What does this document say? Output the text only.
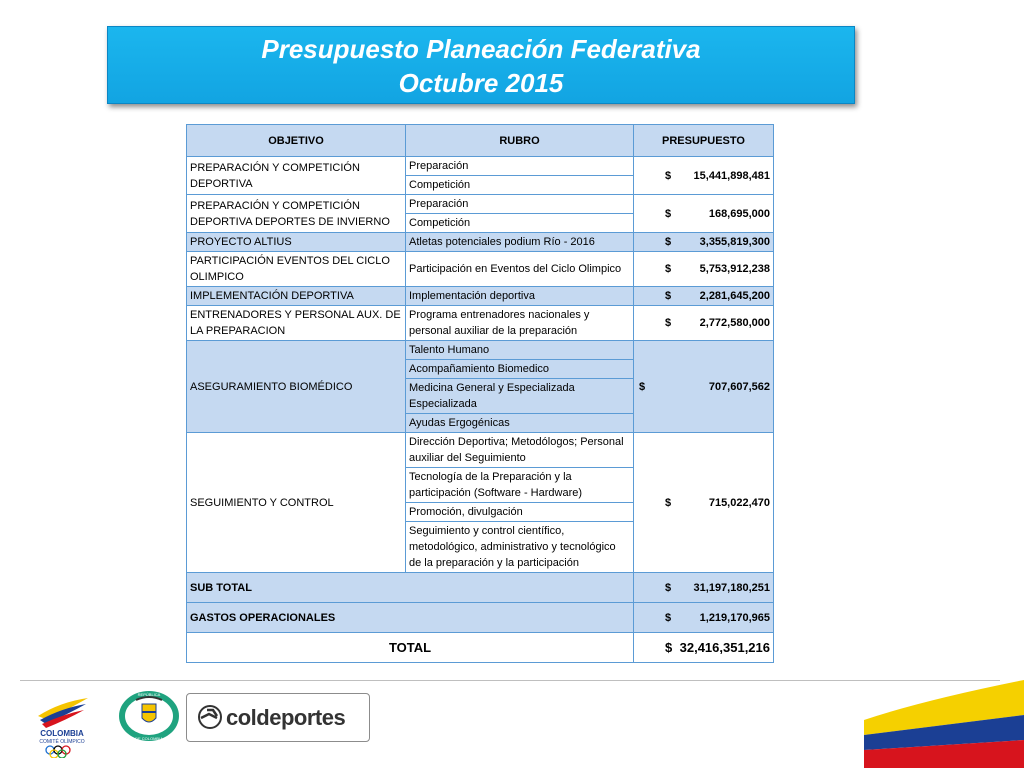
Presupuesto Planeación Federativa
Octubre 2015
OBJETIVO	RUBRO	PRESUPUESTO
PREPARACIÓN Y COMPETICIÓN DEPORTIVA	Preparación	$ 15,441,898,481

	Competición	
PREPARACIÓN Y COMPETICIÓN DEPORTIVA DEPORTES DE INVIERNO	Preparación	$ 168,695,000

	Competición	
PROYECTO ALTIUS	Atletas potenciales podium Río - 2016	$ 3,355,819,300

PARTICIPACIÓN EVENTOS DEL CICLO OLIMPICO	Participación en Eventos del Ciclo Olimpico	$ 5,753,912,238

IMPLEMENTACIÓN DEPORTIVA	Implementación deportiva	$ 2,281,645,200

ENTRENADORES Y PERSONAL AUX. DE LA PREPARACION	Programa entrenadores nacionales y personal auxiliar de la preparación	$ 2,772,580,000

ASEGURAMIENTO BIOMÉDICO	Talento Humano	$ 707,607,562

	Acompañamiento Biomedico	
	Medicina General y Especializada Especializada	
	Ayudas Ergogénicas	
SEGUIMIENTO Y CONTROL	Dirección Deportiva; Metodólogos; Personal auxiliar del Seguimiento	$ 715,022,470

	Tecnología de la Preparación y la participación (Software - Hardware)	
	Promoción, divulgación	
	Seguimiento y control científico, metodológico, administrativo y tecnológico de la preparación y la participación	
SUB TOTAL		$ 31,197,180,251

GASTOS OPERACIONALES		$ 1,219,170,965

TOTAL		$ 32,416,351,216
COLOMBIA
COMITÉ OLÍMPICO
REPÚBLICA
DE COLOMBIA
coldeportes
